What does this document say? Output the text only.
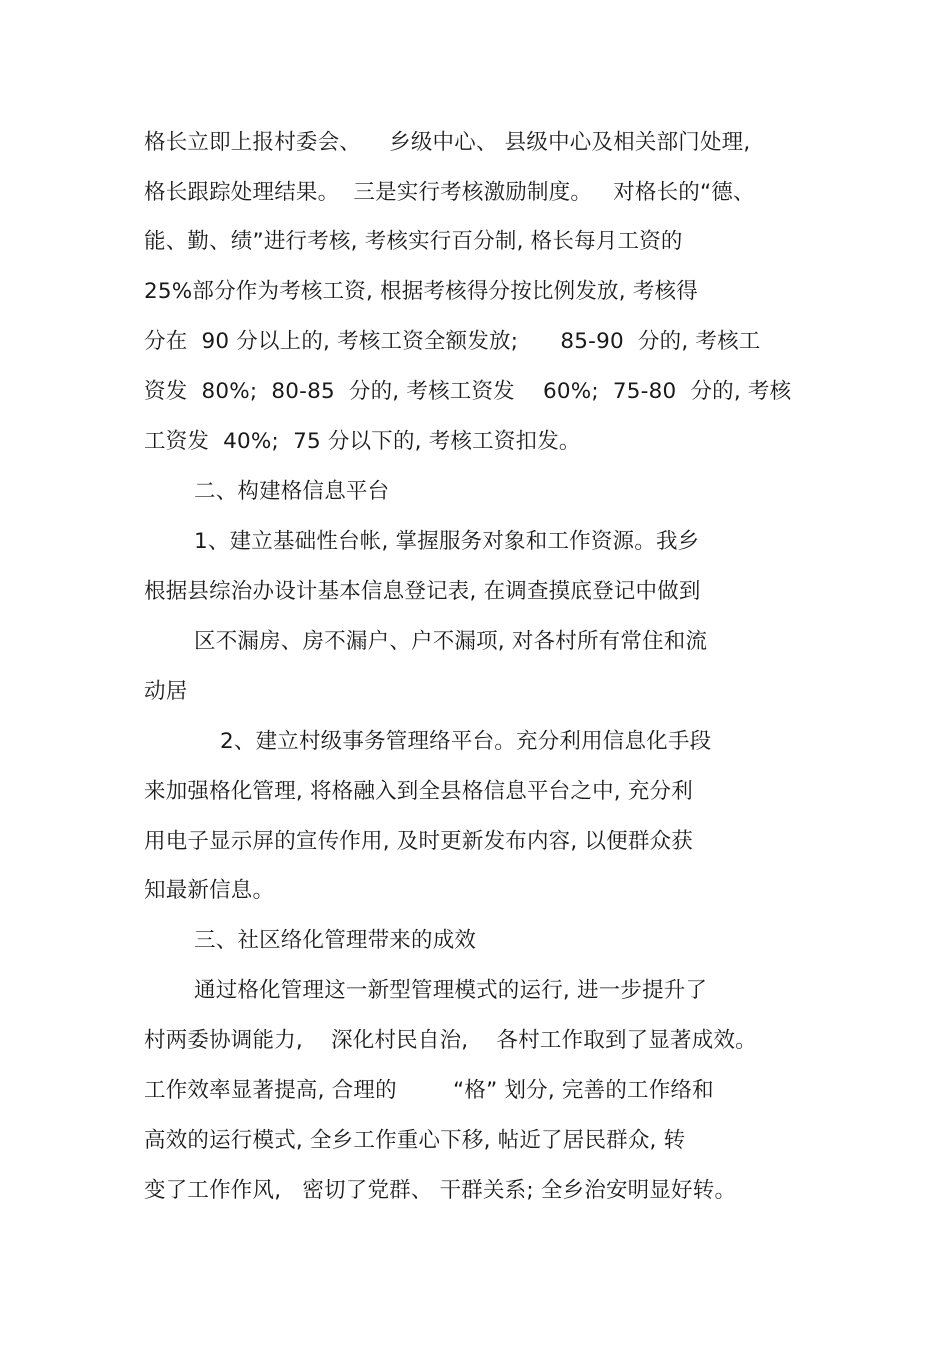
格长立即上报村委会、    乡级中心、 县级中心及相关部门处理,
格长跟踪处理结果。  三是实行考核激励制度。   对格长的“德、
能、勤、绩”进行考核, 考核实行百分制, 格长每月工资的
25%部分作为考核工资, 根据考核得分按比例发放, 考核得
分在  90 分以上的, 考核工资全额发放;      85-90  分的, 考核工
资发  80%;  80-85  分的, 考核工资发    60%;  75-80  分的, 考核
工资发  40%;  75 分以下的, 考核工资扣发。
二、构建格信息平台
1、建立基础性台帐, 掌握服务对象和工作资源。我乡
根据县综治办设计基本信息登记表, 在调查摸底登记中做到
区不漏房、房不漏户、户不漏项, 对各村所有常住和流
动居
2、建立村级事务管理络平台。充分利用信息化手段
来加强格化管理, 将格融入到全县格信息平台之中, 充分利
用电子显示屏的宣传作用, 及时更新发布内容, 以便群众获
知最新信息。
三、社区络化管理带来的成效
通过格化管理这一新型管理模式的运行, 进一步提升了
村两委协调能力,    深化村民自治,    各村工作取到了显著成效。
工作效率显著提高, 合理的        “格” 划分, 完善的工作络和
高效的运行模式, 全乡工作重心下移, 帖近了居民群众, 转
变了工作作风,   密切了党群、 干群关系; 全乡治安明显好转。
